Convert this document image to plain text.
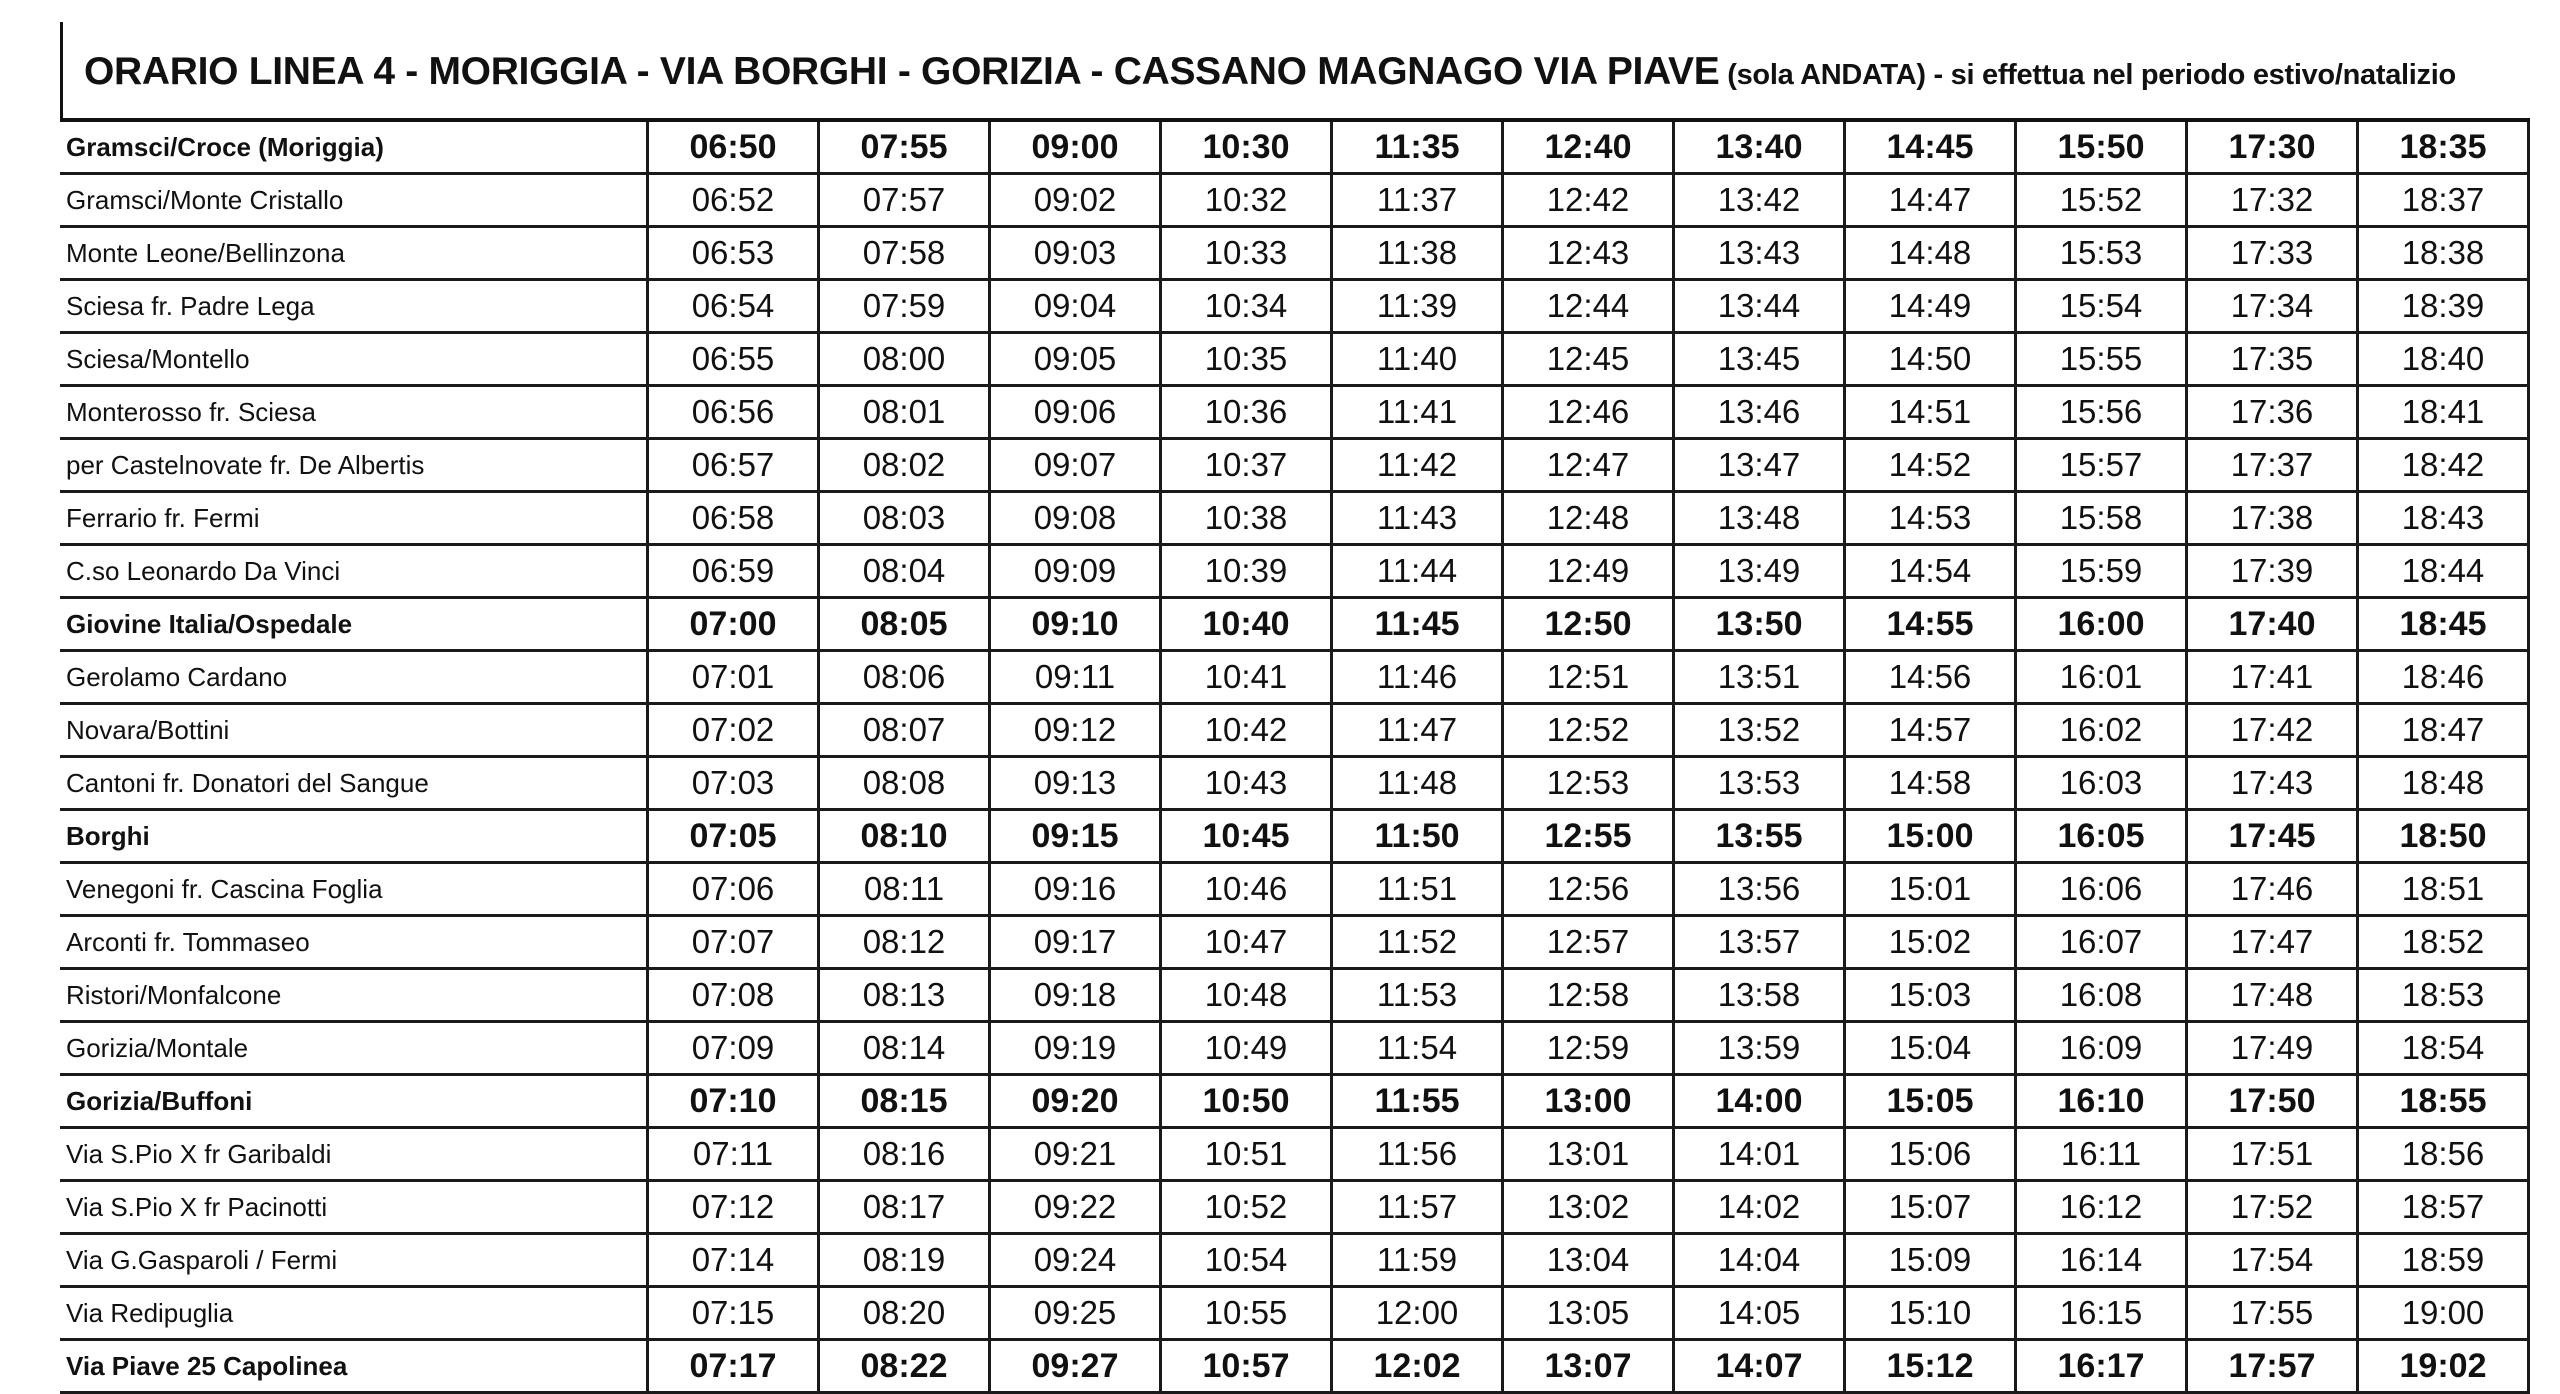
ORARIO LINEA 4 - MORIGGIA - VIA BORGHI - GORIZIA - CASSANO MAGNAGO VIA PIAVE (sola ANDATA) - si effettua nel periodo estivo/natalizio
Gramsci/Croce (Moriggia)	06:50	07:55	09:00	10:30	11:35	12:40	13:40	14:45	15:50	17:30	18:35
Gramsci/Monte Cristallo	06:52	07:57	09:02	10:32	11:37	12:42	13:42	14:47	15:52	17:32	18:37
Monte Leone/Bellinzona	06:53	07:58	09:03	10:33	11:38	12:43	13:43	14:48	15:53	17:33	18:38
Sciesa fr. Padre Lega	06:54	07:59	09:04	10:34	11:39	12:44	13:44	14:49	15:54	17:34	18:39
Sciesa/Montello	06:55	08:00	09:05	10:35	11:40	12:45	13:45	14:50	15:55	17:35	18:40
Monterosso fr. Sciesa	06:56	08:01	09:06	10:36	11:41	12:46	13:46	14:51	15:56	17:36	18:41
per Castelnovate fr. De Albertis	06:57	08:02	09:07	10:37	11:42	12:47	13:47	14:52	15:57	17:37	18:42
Ferrario fr. Fermi	06:58	08:03	09:08	10:38	11:43	12:48	13:48	14:53	15:58	17:38	18:43
C.so Leonardo Da Vinci	06:59	08:04	09:09	10:39	11:44	12:49	13:49	14:54	15:59	17:39	18:44
Giovine Italia/Ospedale	07:00	08:05	09:10	10:40	11:45	12:50	13:50	14:55	16:00	17:40	18:45
Gerolamo Cardano	07:01	08:06	09:11	10:41	11:46	12:51	13:51	14:56	16:01	17:41	18:46
Novara/Bottini	07:02	08:07	09:12	10:42	11:47	12:52	13:52	14:57	16:02	17:42	18:47
Cantoni fr. Donatori del Sangue	07:03	08:08	09:13	10:43	11:48	12:53	13:53	14:58	16:03	17:43	18:48
Borghi	07:05	08:10	09:15	10:45	11:50	12:55	13:55	15:00	16:05	17:45	18:50
Venegoni fr. Cascina Foglia	07:06	08:11	09:16	10:46	11:51	12:56	13:56	15:01	16:06	17:46	18:51
Arconti fr. Tommaseo	07:07	08:12	09:17	10:47	11:52	12:57	13:57	15:02	16:07	17:47	18:52
Ristori/Monfalcone	07:08	08:13	09:18	10:48	11:53	12:58	13:58	15:03	16:08	17:48	18:53
Gorizia/Montale	07:09	08:14	09:19	10:49	11:54	12:59	13:59	15:04	16:09	17:49	18:54
Gorizia/Buffoni	07:10	08:15	09:20	10:50	11:55	13:00	14:00	15:05	16:10	17:50	18:55
Via S.Pio X fr Garibaldi	07:11	08:16	09:21	10:51	11:56	13:01	14:01	15:06	16:11	17:51	18:56
Via S.Pio X fr Pacinotti	07:12	08:17	09:22	10:52	11:57	13:02	14:02	15:07	16:12	17:52	18:57
Via G.Gasparoli / Fermi	07:14	08:19	09:24	10:54	11:59	13:04	14:04	15:09	16:14	17:54	18:59
Via Redipuglia	07:15	08:20	09:25	10:55	12:00	13:05	14:05	15:10	16:15	17:55	19:00
Via Piave 25 Capolinea	07:17	08:22	09:27	10:57	12:02	13:07	14:07	15:12	16:17	17:57	19:02
